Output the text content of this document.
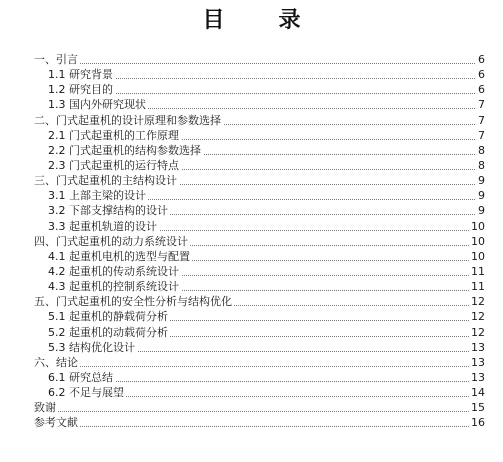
目　录
一、引言	6
1.1 研究背景	6
1.2 研究目的	6
1.3 国内外研究现状	7
二、门式起重机的设计原理和参数选择	7
2.1 门式起重机的工作原理	7
2.2 门式起重机的结构参数选择	8
2.3 门式起重机的运行特点	8
三、门式起重机的主结构设计	9
3.1 上部主梁的设计	9
3.2 下部支撑结构的设计	9
3.3 起重机轨道的设计	10
四、门式起重机的动力系统设计	10
4.1 起重机电机的选型与配置	10
4.2 起重机的传动系统设计	11
4.3 起重机的控制系统设计	11
五、门式起重机的安全性分析与结构优化	12
5.1 起重机的静载荷分析	12
5.2 起重机的动载荷分析	12
5.3 结构优化设计	13
六、结论	13
6.1 研究总结	13
6.2 不足与展望	14
致谢	15
参考文献	16
